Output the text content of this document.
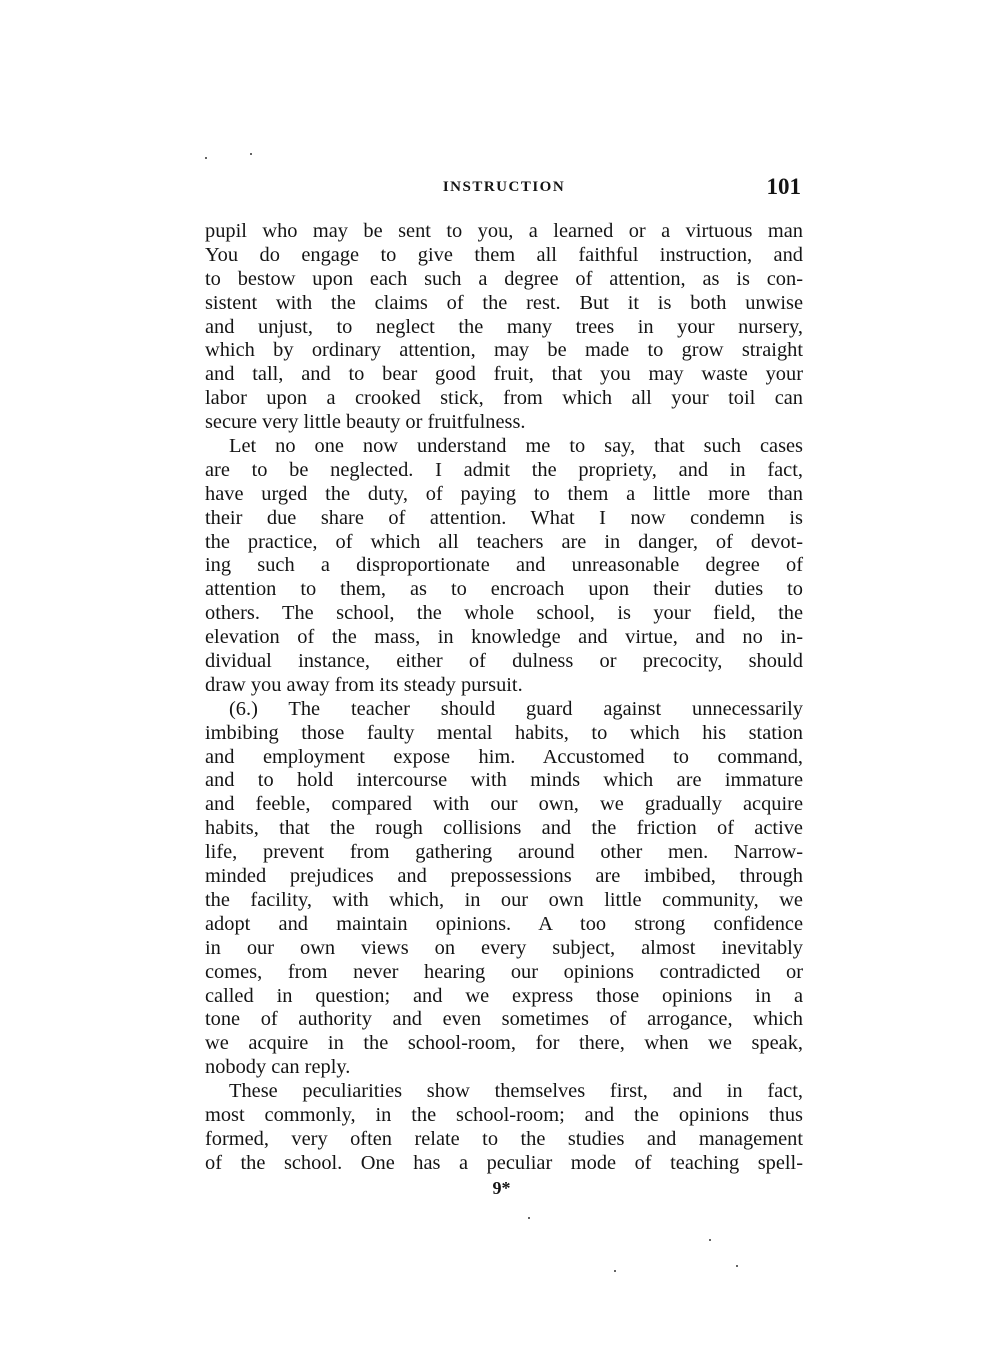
INSTRUCTION	101
pupil who may be sent to you, a learned or a virtuous man
You do engage to give them all faithful instruction, and
to bestow upon each such a degree of attention, as is con-
sistent with the claims of the rest. But it is both unwise
and unjust, to neglect the many trees in your nursery,
which by ordinary attention, may be made to grow straight
and tall, and to bear good fruit, that you may waste your
labor upon a crooked stick, from which all your toil can
secure very little beauty or fruitfulness.
Let no one now understand me to say, that such cases
are to be neglected. I admit the propriety, and in fact,
have urged the duty, of paying to them a little more than
their due share of attention. What I now condemn is
the practice, of which all teachers are in danger, of devot-
ing such a disproportionate and unreasonable degree of
attention to them, as to encroach upon their duties to
others. The school, the whole school, is your field, the
elevation of the mass, in knowledge and virtue, and no in-
dividual instance, either of dulness or precocity, should
draw you away from its steady pursuit.
(6.) The teacher should guard against unnecessarily
imbibing those faulty mental habits, to which his station
and employment expose him. Accustomed to command,
and to hold intercourse with minds which are immature
and feeble, compared with our own, we gradually acquire
habits, that the rough collisions and the friction of active
life, prevent from gathering around other men. Narrow-
minded prejudices and prepossessions are imbibed, through
the facility, with which, in our own little community, we
adopt and maintain opinions. A too strong confidence
in our own views on every subject, almost inevitably
comes, from never hearing our opinions contradicted or
called in question; and we express those opinions in a
tone of authority and even sometimes of arrogance, which
we acquire in the school-room, for there, when we speak,
nobody can reply.
These peculiarities show themselves first, and in fact,
most commonly, in the school-room; and the opinions thus
formed, very often relate to the studies and management
of the school. One has a peculiar mode of teaching spell-
9*
